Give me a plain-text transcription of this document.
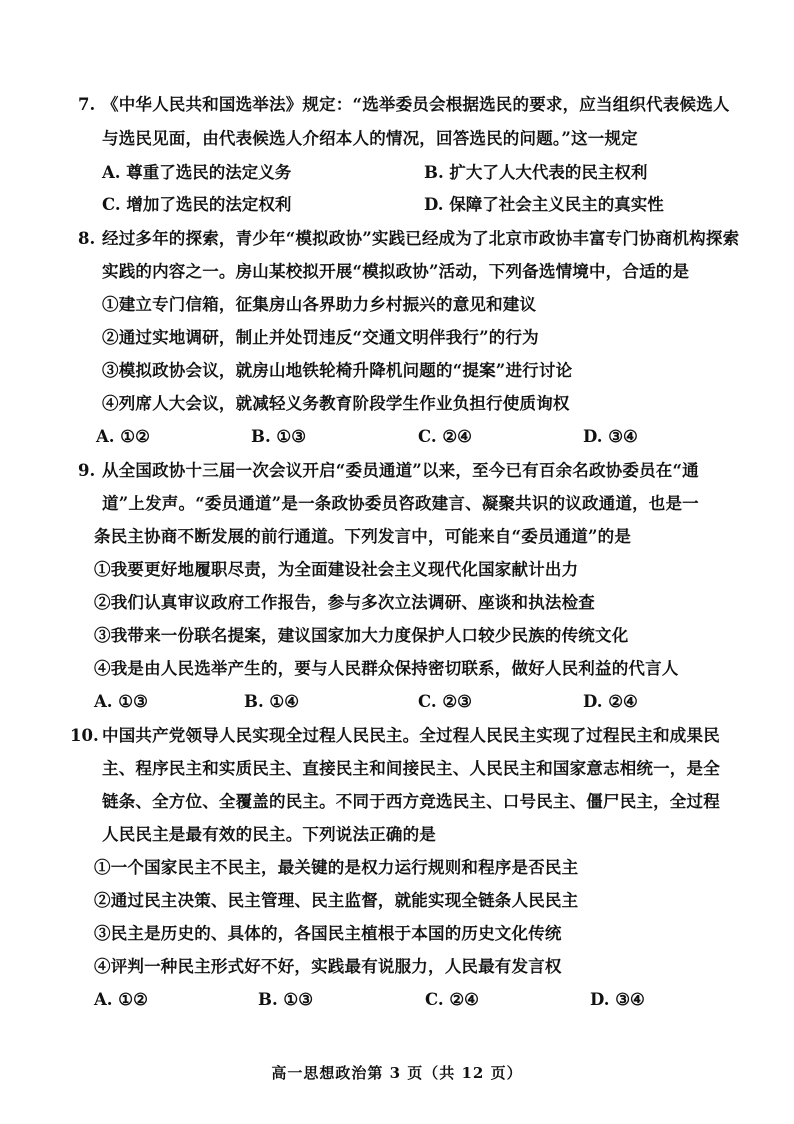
7. 《中华人民共和国选举法》规定：“选举委员会根据选民的要求，应当组织代表候选人
与选民见面，由代表候选人介绍本人的情况，回答选民的问题。”这一规定
A. 尊重了选民的法定义务	B. 扩大了人大代表的民主权利
C. 增加了选民的法定权利	D. 保障了社会主义民主的真实性
8. 经过多年的探索，青少年“模拟政协”实践已经成为了北京市政协丰富专门协商机构探索
实践的内容之一。房山某校拟开展“模拟政协”活动，下列备选情境中，合适的是
①建立专门信箱，征集房山各界助力乡村振兴的意见和建议
②通过实地调研，制止并处罚违反“交通文明伴我行”的行为
③模拟政协会议，就房山地铁轮椅升降机问题的“提案”进行讨论
④列席人大会议，就减轻义务教育阶段学生作业负担行使质询权
A. ①②	B. ①③	C. ②④	D. ③④
9. 从全国政协十三届一次会议开启“委员通道”以来，至今已有百余名政协委员在“通
道”上发声。“委员通道”是一条政协委员咨政建言、凝聚共识的议政通道，也是一
条民主协商不断发展的前行通道。下列发言中，可能来自“委员通道”的是
①我要更好地履职尽责，为全面建设社会主义现代化国家献计出力
②我们认真审议政府工作报告，参与多次立法调研、座谈和执法检查
③我带来一份联名提案，建议国家加大力度保护人口较少民族的传统文化
④我是由人民选举产生的，要与人民群众保持密切联系，做好人民利益的代言人
A. ①③	B. ①④	C. ②③	D. ②④
10. 中国共产党领导人民实现全过程人民民主。全过程人民民主实现了过程民主和成果民
主、程序民主和实质民主、直接民主和间接民主、人民民主和国家意志相统一，是全
链条、全方位、全覆盖的民主。不同于西方竞选民主、口号民主、僵尸民主，全过程
人民民主是最有效的民主。下列说法正确的是
①一个国家民主不民主，最关键的是权力运行规则和程序是否民主
②通过民主决策、民主管理、民主监督，就能实现全链条人民民主
③民主是历史的、具体的，各国民主植根于本国的历史文化传统
④评判一种民主形式好不好，实践最有说服力，人民最有发言权
A. ①②	B. ①③	C. ②④	D. ③④
高一思想政治第 3 页（共 12 页）
